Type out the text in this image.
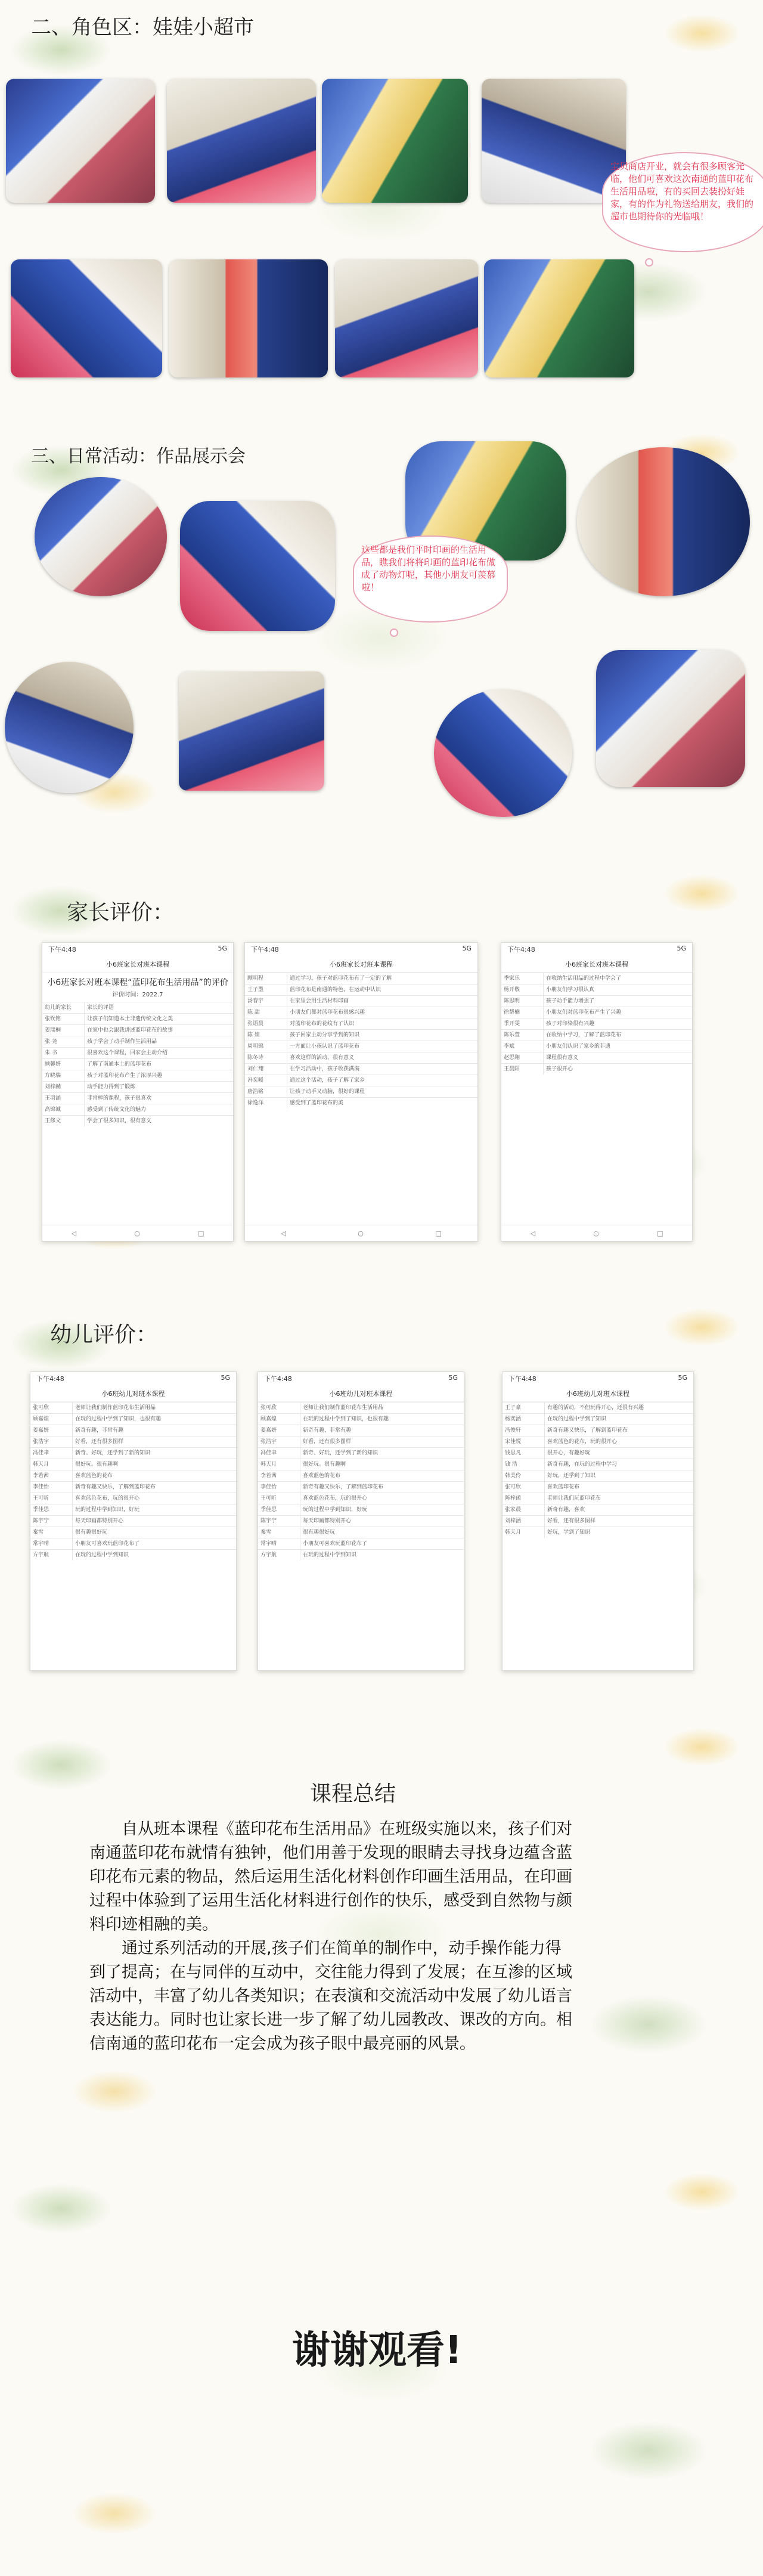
二、角色区：娃娃小超市
宝贝商店开业，就会有很多顾客光临，他们可喜欢这次南通的蓝印花布生活用品啦，有的买回去装扮好娃家，有的作为礼物送给朋友，我们的超市也期待你的光临哦！
三、日常活动：作品展示会
这些都是我们平时印画的生活用品，瞧我们将将印画的蓝印花布做成了动物灯呢，其他小朋友可羡慕啦！
家长评价：
下午4:48	5G
小6班家长对班本课程
小6班家长对班本课程“蓝印花布生活用品”的评价
评价时间：2022.7
幼儿的家长	家长的评语
张钦铭	让孩子们知道本土非遗传统文化之美
姜瑞桐	在家中也会跟我讲述蓝印花布的故事
张 尧	孩子学会了动手制作生活用品
朱 书	很喜欢这个课程，回家会主动介绍
顾馨妍	了解了南通本土的蓝印花布
方晓瑞	孩子对蓝印花布产生了浓厚兴趣
刘梓赫	动手能力得到了锻炼
王羽涵	非常棒的课程，孩子很喜欢
高锦诚	感受到了传统文化的魅力
王修文	学会了很多知识，很有意义
◁	○	□
下午4:48	5G
小6班家长对班本课程
顾明程	通过学习，孩子对蓝印花布有了一定的了解
王子墨	蓝印花布是南通的特色，在运动中认识
汤春宇	在家里会用生活材料印画
陈 甜	小朋友们都对蓝印花布很感兴趣
张语晨	对蓝印花布的花纹有了认识
陈 婧	孩子回家主动分享学到的知识
周明锦	一方面让小孩认识了蓝印花布
陈冬诗	喜欢这样的活动，很有意义
刘仁翔	在学习活动中，孩子收获满满
冯奕暖	通过这个活动，孩子了解了家乡
唐浩铭	让孩子动手又动脑，很好的课程
徐逸洋	感受到了蓝印花布的美
◁	○	□
下午4:48	5G
小6班家长对班本课程
季家乐	在收纳生活用品的过程中学会了
杨开敬	小朋友们学习很认真
陈思明	孩子动手能力增强了
徐帮楠	小朋友们对蓝印花布产生了兴趣
季开雯	孩子对印染很有兴趣
陈乐萱	在收纳中学习，了解了蓝印花布
李斌	小朋友们认识了家乡的非遗
赵思翔	课程很有意义
王晨阳	孩子很开心
◁	○	□
幼儿评价：
下午4:48	5G
小6班幼儿对班本课程
张可欣	老师让我们制作蓝印花布生活用品
顾嘉煌	在玩的过程中学到了知识，也很有趣
姜嘉妍	新奇有趣，非常有趣
张浩宇	好看，还有很多图样
冯佳聿	新奇、好玩，还学到了新的知识
韩天月	很好玩。很有趣啊
李若茜	喜欢蓝色的花布
李佳怡	新奇有趣又快乐，了解到蓝印花布
王可昕	喜欢蓝色花布，玩的很开心
季佳思	玩的过程中学到知识，好玩
陈宇宁	每天印画都特别开心
秦雪	很有趣很好玩
常宇晴	小朋友可喜欢玩蓝印花布了
方宇航	在玩的过程中学到知识
下午4:48	5G
小6班幼儿对班本课程
张可欣	老师让我们制作蓝印花布生活用品
顾嘉煌	在玩的过程中学到了知识，也很有趣
姜嘉妍	新奇有趣，非常有趣
张浩宇	好看，还有很多图样
冯佳聿	新奇、好玩，还学到了新的知识
韩天月	很好玩。很有趣啊
李若茜	喜欢蓝色的花布
李佳怡	新奇有趣又快乐，了解到蓝印花布
王可昕	喜欢蓝色花布，玩的很开心
季佳思	玩的过程中学到知识，好玩
陈宇宁	每天印画都特别开心
秦雪	很有趣很好玩
常宇晴	小朋友可喜欢玩蓝印花布了
方宇航	在玩的过程中学到知识
下午4:48	5G
小6班幼儿对班本课程
王子豪	有趣的活动，不但玩得开心，还很有兴趣
杨奕涵	在玩的过程中学到了知识
冯俊轩	新奇有趣又快乐，了解到蓝印花布
宋佳悦	喜欢蓝色的花布，玩的很开心
钱思凡	很开心，有趣好玩
钱 浩	新奇有趣，在玩的过程中学习
韩美伶	好玩，还学到了知识
张可欣	喜欢蓝印花布
陈梓函	老师让我们玩蓝印花布
张家晨	新奇有趣，喜欢
刘梓涵	好看，还有很多图样
韩天月	好玩，学到了知识
课程总结

自从班本课程《蓝印花布生活用品》在班级实施以来，孩子们对南通蓝印花布就情有独钟，他们用善于发现的眼睛去寻找身边蕴含蓝印花布元素的物品，然后运用生活化材料创作印画生活用品，在印画过程中体验到了运用生活化材料进行创作的快乐，感受到自然物与颜料印迹相融的美。

通过系列活动的开展,孩子们在简单的制作中，动手操作能力得到了提高；在与同伴的互动中，交往能力得到了发展；在互渗的区域活动中，丰富了幼儿各类知识；在表演和交流活动中发展了幼儿语言表达能力。同时也让家长进一步了解了幼儿园教改、课改的方向。相信南通的蓝印花布一定会成为孩子眼中最亮丽的风景。

谢谢观看!
